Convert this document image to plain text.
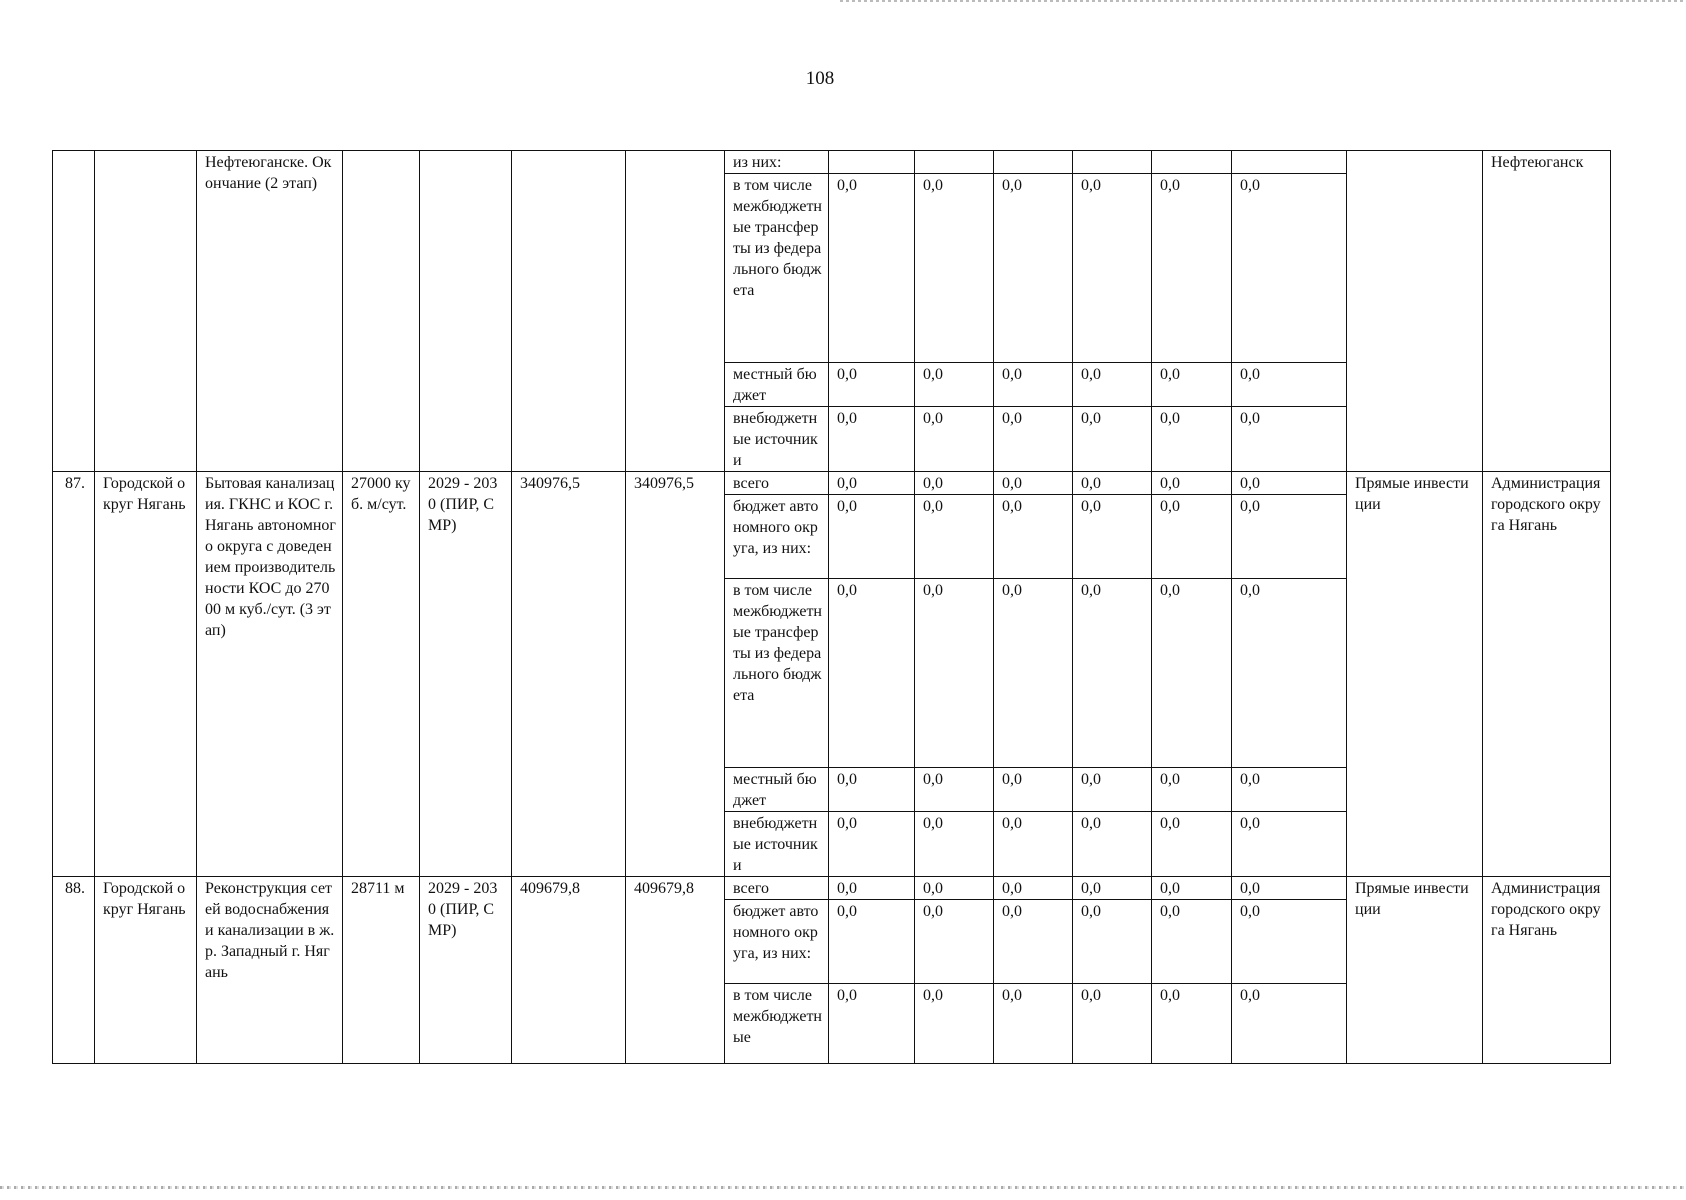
108
		Нефтеюганске. Окончание (2 этап)					из них:								Нефтеюганск
							в том числе межбюджетные трансферты из федерального бюджета	0,0	0,0	0,0	0,0	0,0	0,0		
							местный бюджет	0,0	0,0	0,0	0,0	0,0	0,0		
							внебюджетные источники	0,0	0,0	0,0	0,0	0,0	0,0		
87.	Городской округ Нягань	Бытовая канализация. ГКНС и КОС г. Нягань автономного округа с доведением производительности КОС до 27000 м куб./сут. (3 этап)	27000 куб. м/сут.	2029 - 2030 (ПИР, СМР)	340976,5	340976,5	всего	0,0	0,0	0,0	0,0	0,0	0,0	Прямые инвестиции	Администрация городского округа Нягань
							бюджет автономного округа, из них:	0,0	0,0	0,0	0,0	0,0	0,0		
							в том числе межбюджетные трансферты из федерального бюджета	0,0	0,0	0,0	0,0	0,0	0,0		
							местный бюджет	0,0	0,0	0,0	0,0	0,0	0,0		
							внебюджетные источники	0,0	0,0	0,0	0,0	0,0	0,0		
88.	Городской округ Нягань	Реконструкция сетей водоснабжения и канализации в ж.р. Западный г. Нягань	28711 м	2029 - 2030 (ПИР, СМР)	409679,8	409679,8	всего	0,0	0,0	0,0	0,0	0,0	0,0	Прямые инвестиции	Администрация городского округа Нягань
							бюджет автономного округа, из них:	0,0	0,0	0,0	0,0	0,0	0,0		
							в том числе межбюджетные	0,0	0,0	0,0	0,0	0,0	0,0		
